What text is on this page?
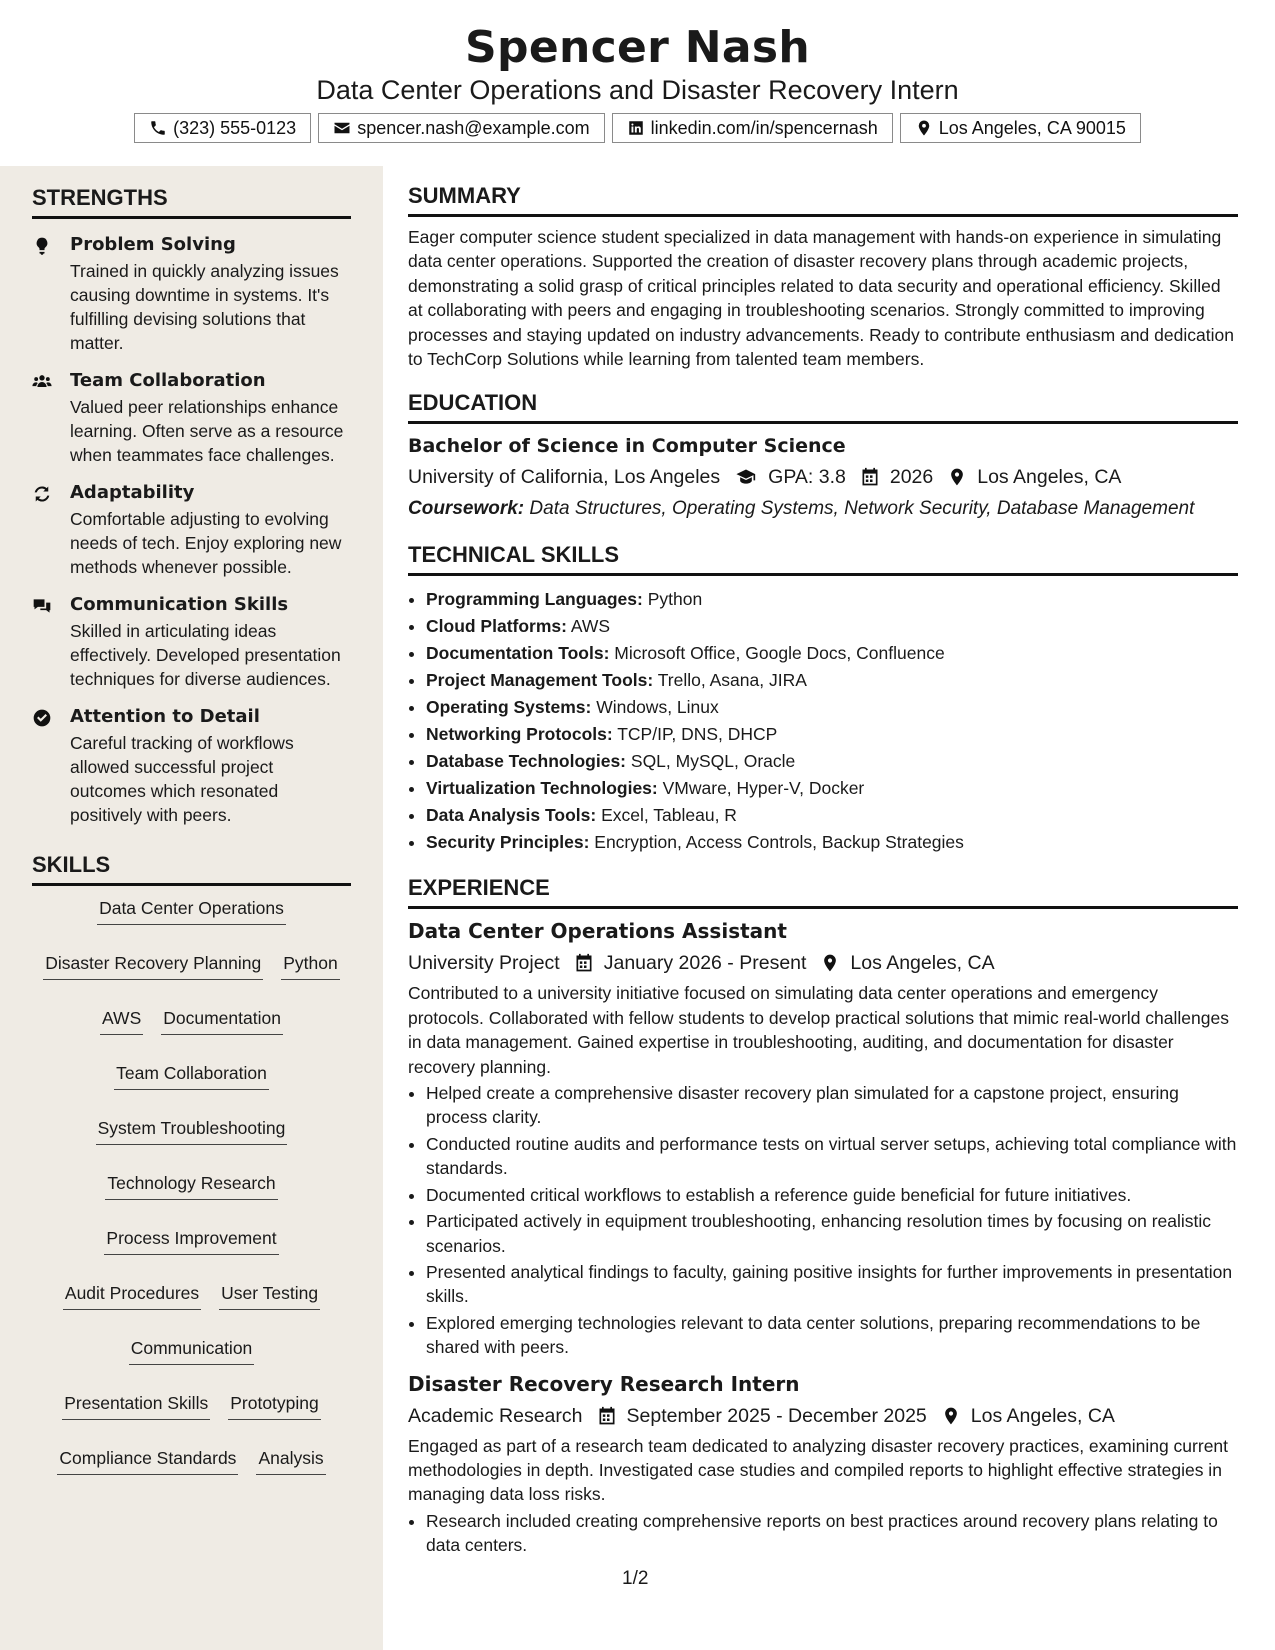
Spencer Nash
Data Center Operations and Disaster Recovery Intern
(323) 555-0123	spencer.nash@example.com	linkedin.com/in/spencernash	Los Angeles, CA 90015
STRENGTHS
Problem Solving
Trained in quickly analyzing issues causing downtime in systems. It's fulfilling devising solutions that matter.
Team Collaboration
Valued peer relationships enhance learning. Often serve as a resource when teammates face challenges.
Adaptability
Comfortable adjusting to evolving needs of tech. Enjoy exploring new methods whenever possible.
Communication Skills
Skilled in articulating ideas effectively. Developed presentation techniques for diverse audiences.
Attention to Detail
Careful tracking of workflows allowed successful project outcomes which resonated positively with peers.
SKILLS
Data Center Operations
Disaster Recovery Planning Python
AWS Documentation
Team Collaboration
System Troubleshooting
Technology Research
Process Improvement
Audit Procedures User Testing
Communication
Presentation Skills Prototyping
Compliance Standards Analysis
SUMMARY
Eager computer science student specialized in data management with hands-on experience in simulating data center operations. Supported the creation of disaster recovery plans through academic projects, demonstrating a solid grasp of critical principles related to data security and operational efficiency. Skilled at collaborating with peers and engaging in troubleshooting scenarios. Strongly committed to improving processes and staying updated on industry advancements. Ready to contribute enthusiasm and dedication to TechCorp Solutions while learning from talented team members.
EDUCATION
Bachelor of Science in Computer Science
University of California, Los Angeles GPA: 3.8 2026 Los Angeles, CA
Coursework: Data Structures, Operating Systems, Network Security, Database Management
TECHNICAL SKILLS
• Programming Languages: Python
• Cloud Platforms: AWS
• Documentation Tools: Microsoft Office, Google Docs, Confluence
• Project Management Tools: Trello, Asana, JIRA
• Operating Systems: Windows, Linux
• Networking Protocols: TCP/IP, DNS, DHCP
• Database Technologies: SQL, MySQL, Oracle
• Virtualization Technologies: VMware, Hyper-V, Docker
• Data Analysis Tools: Excel, Tableau, R
• Security Principles: Encryption, Access Controls, Backup Strategies
EXPERIENCE
Data Center Operations Assistant
University Project January 2026 - Present Los Angeles, CA
Contributed to a university initiative focused on simulating data center operations and emergency protocols. Collaborated with fellow students to develop practical solutions that mimic real-world challenges in data management. Gained expertise in troubleshooting, auditing, and documentation for disaster recovery planning.
• Helped create a comprehensive disaster recovery plan simulated for a capstone project, ensuring process clarity.
• Conducted routine audits and performance tests on virtual server setups, achieving total compliance with standards.
• Documented critical workflows to establish a reference guide beneficial for future initiatives.
• Participated actively in equipment troubleshooting, enhancing resolution times by focusing on realistic scenarios.
• Presented analytical findings to faculty, gaining positive insights for further improvements in presentation skills.
• Explored emerging technologies relevant to data center solutions, preparing recommendations to be shared with peers.
Disaster Recovery Research Intern
Academic Research September 2025 - December 2025 Los Angeles, CA
Engaged as part of a research team dedicated to analyzing disaster recovery practices, examining current methodologies in depth. Investigated case studies and compiled reports to highlight effective strategies in managing data loss risks.
• Research included creating comprehensive reports on best practices around recovery plans relating to data centers.
1/2
